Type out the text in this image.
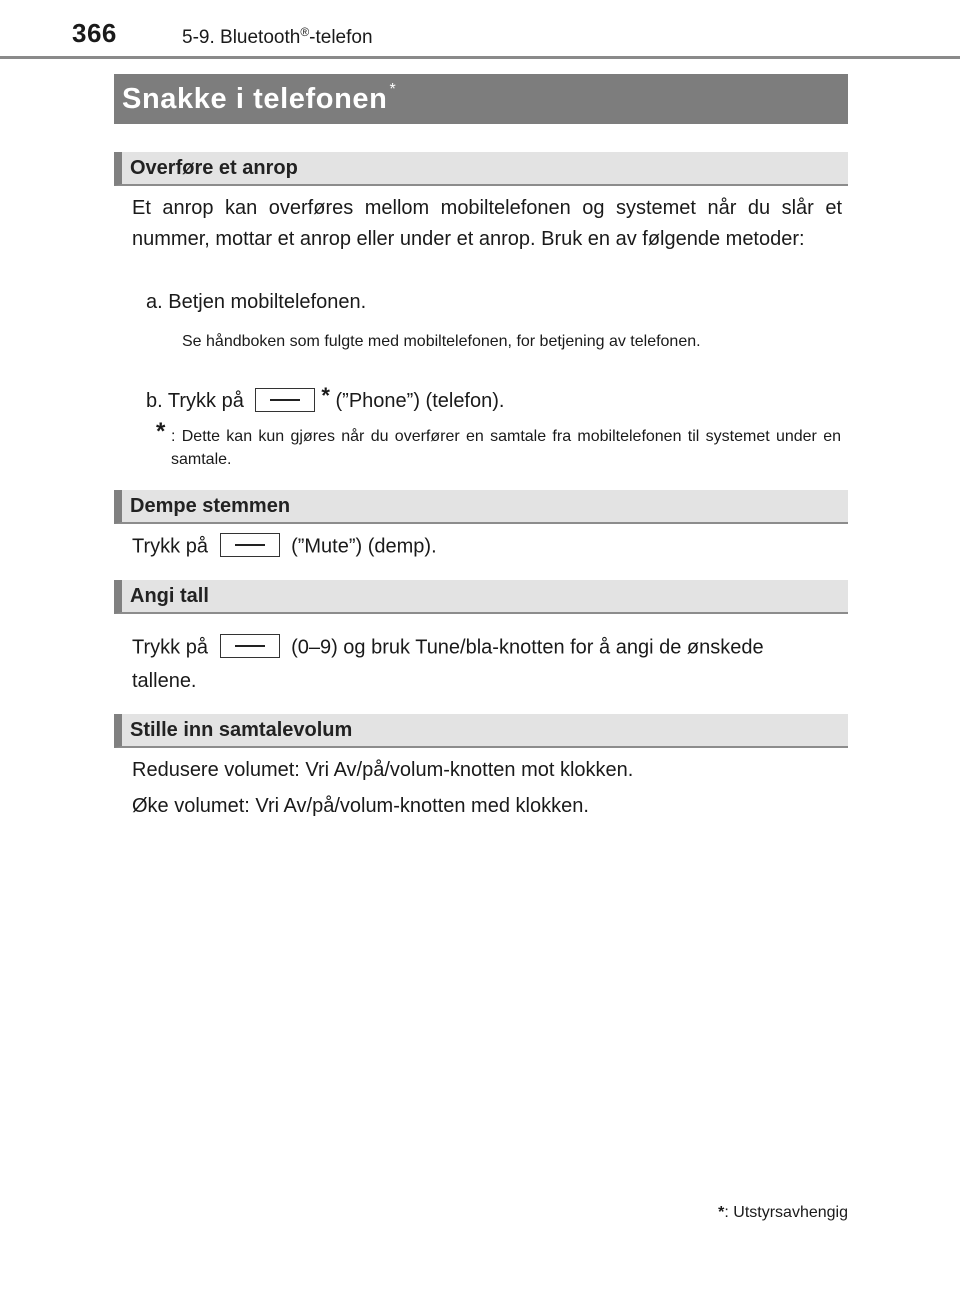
366	5-9. Bluetooth®-telefon
Snakke i telefonen *
Overføre et anrop
Et anrop kan overføres mellom mobiltelefonen og systemet når du slår et nummer, mottar et anrop eller under et anrop. Bruk en av følgende metoder:
a. Betjen mobiltelefonen.
Se håndboken som fulgte med mobiltelefonen, for betjening av telefonen.
b. Trykk på	* (”Phone”) (telefon).
* : Dette kan kun gjøres når du overfører en samtale fra mobiltelefonen til systemet under en samtale.
Dempe stemmen
Trykk på	(”Mute”) (demp).
Angi tall
Trykk på	(0–9) og bruk Tune/bla-knotten for å angi de ønskede
tallene.
Stille inn samtalevolum
Redusere volumet: Vri Av/på/volum-knotten mot klokken.
Øke volumet: Vri Av/på/volum-knotten med klokken.
*: Utstyrsavhengig
